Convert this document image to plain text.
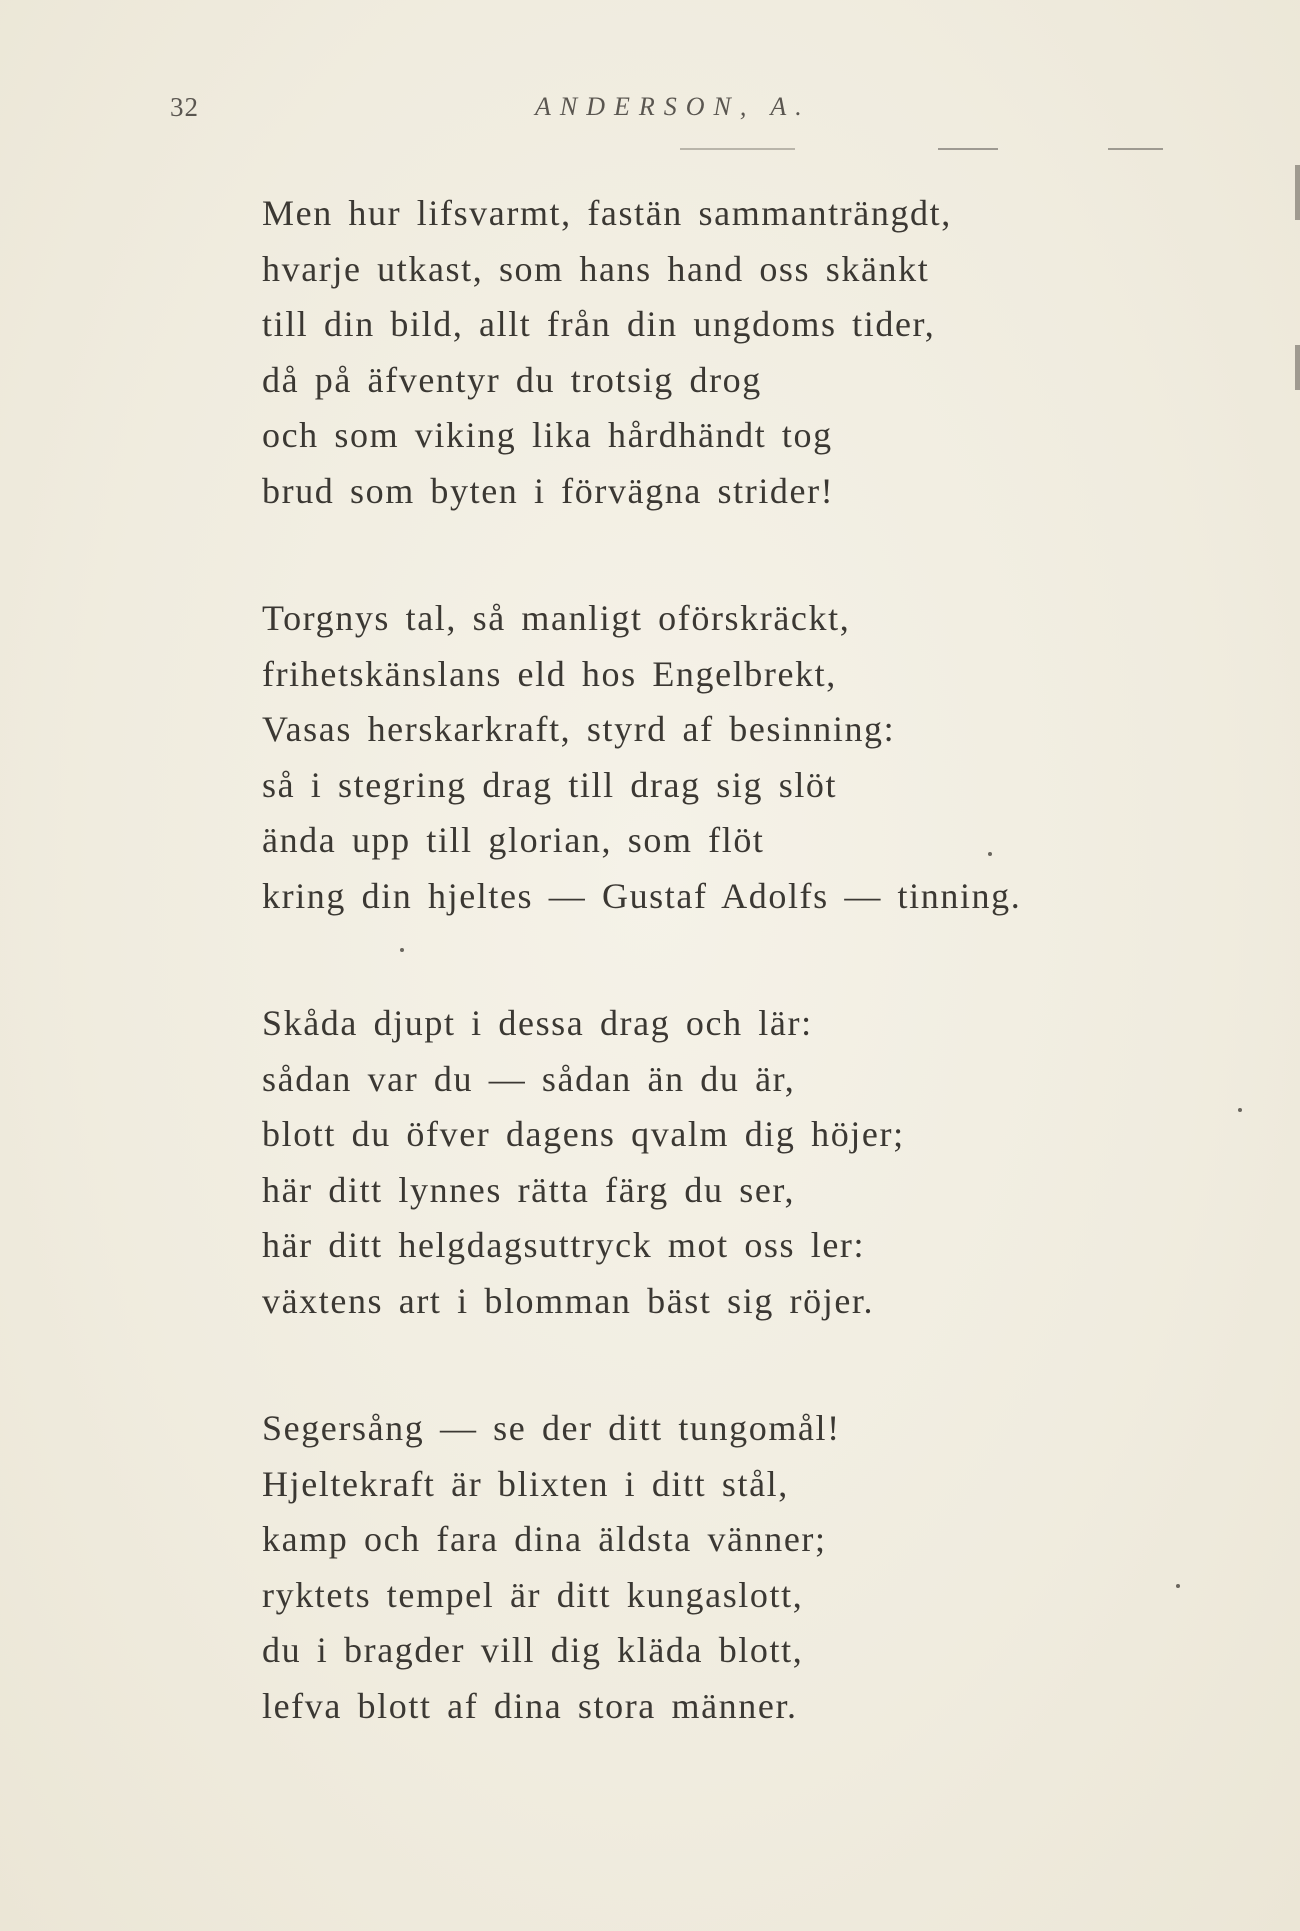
32	ANDERSON, A.
Men hur lifsvarmt, fastän sammanträngdt,
hvarje utkast, som hans hand oss skänkt
till din bild, allt från din ungdoms tider,
då på äfventyr du trotsig drog
och som viking lika hårdhändt tog
brud som byten i förvägna strider!
Torgnys tal, så manligt oförskräckt,
frihetskänslans eld hos Engelbrekt,
Vasas herskarkraft, styrd af besinning:
så i stegring drag till drag sig slöt
ända upp till glorian, som flöt
kring din hjeltes — Gustaf Adolfs — tinning.
Skåda djupt i dessa drag och lär:
sådan var du — sådan än du är,
blott du öfver dagens qvalm dig höjer;
här ditt lynnes rätta färg du ser,
här ditt helgdagsuttryck mot oss ler:
växtens art i blomman bäst sig röjer.
Segersång — se der ditt tungomål!
Hjeltekraft är blixten i ditt stål,
kamp och fara dina äldsta vänner;
ryktets tempel är ditt kungaslott,
du i bragder vill dig kläda blott,
lefva blott af dina stora männer.
